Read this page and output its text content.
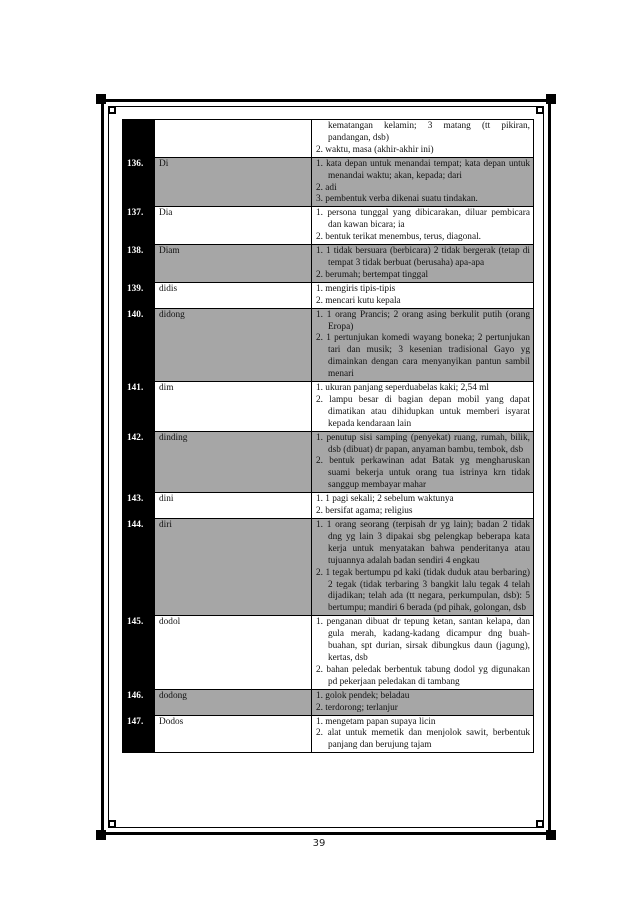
		kematangan kelamin; 3 matang (tt pikiran, pandangan, dsb)
2. waktu, masa (akhir-akhir ini)

136.	Di	1. kata depan untuk menandai tempat; kata depan untuk menandai waktu; akan, kepada; dari
2. adi
3. pembentuk verba dikenai suatu tindakan.

137.	Dia	1. persona tunggal yang dibicarakan, diluar pembicara dan kawan bicara; ia
2. bentuk terikat menembus, terus, diagonal.

138.	Diam	1. 1 tidak bersuara (berbicara) 2 tidak bergerak (tetap di tempat 3 tidak berbuat (berusaha) apa-apa
2. berumah; bertempat tinggal

139.	didis	1. mengiris tipis-tipis
2. mencari kutu kepala

140.	didong	1. 1 orang Prancis; 2 orang asing berkulit putih (orang Eropa)
2. 1 pertunjukan komedi wayang boneka; 2 pertunjukan tari dan musik; 3 kesenian tradisional Gayo yg dimainkan dengan cara menyanyikan pantun sambil menari

141.	dim	1. ukuran panjang seperduabelas kaki; 2,54 ml
2. lampu besar di bagian depan mobil yang dapat dimatikan atau dihidupkan untuk memberi isyarat kepada kendaraan lain

142.	dinding	1. penutup sisi samping (penyekat) ruang, rumah, bilik, dsb (dibuat) dr papan, anyaman bambu, tembok, dsb
2. bentuk perkawinan adat Batak yg mengharuskan suami bekerja untuk orang tua istrinya krn tidak sanggup membayar mahar

143.	dini	1. 1 pagi sekali; 2 sebelum waktunya
2. bersifat agama; religius

144.	diri	1. 1 orang seorang (terpisah dr yg lain); badan 2 tidak dng yg lain 3 dipakai sbg pelengkap beberapa kata kerja untuk menyatakan bahwa penderitanya atau tujuannya adalah badan sendiri 4 engkau
2. 1 tegak bertumpu pd kaki (tidak duduk atau berbaring) 2 tegak (tidak terbaring 3 bangkit lalu tegak 4 telah dijadikan; telah ada (tt negara, perkumpulan, dsb): 5 bertumpu; mandiri 6 berada (pd pihak, golongan, dsb

145.	dodol	1. penganan dibuat dr tepung ketan, santan kelapa, dan gula merah, kadang-kadang dicampur dng buah-buahan, spt durian, sirsak dibungkus daun (jagung), kertas, dsb
2. bahan peledak berbentuk tabung dodol yg digunakan pd pekerjaan peledakan di tambang

146.	dodong	1. golok pendek; beladau
2. terdorong; terlanjur

147.	Dodos	1. mengetam papan supaya licin
2. alat untuk memetik dan menjolok sawit, berbentuk panjang dan berujung tajam
39
